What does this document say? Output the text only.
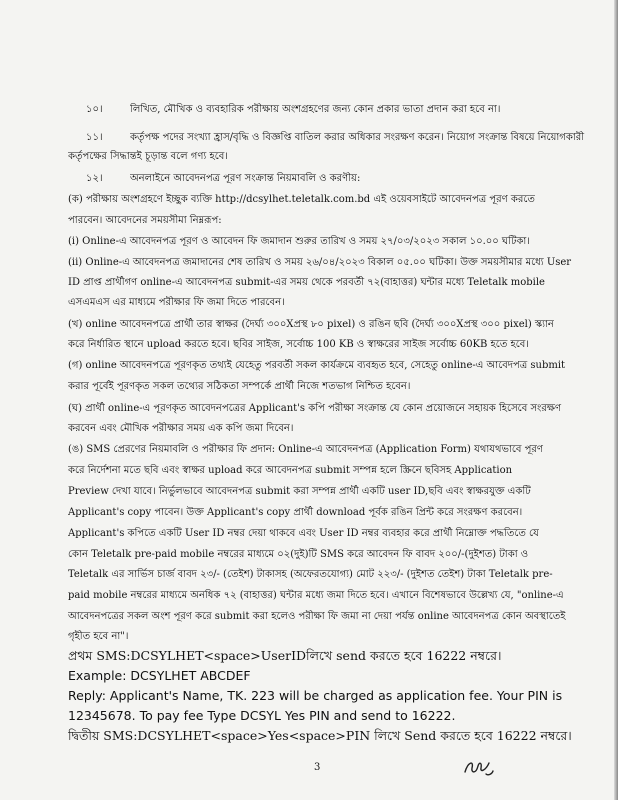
১০।	লিখিত, মৌখিক ও ব্যবহারিক পরীক্ষায় অংশগ্রহণের জন্য কোন প্রকার ভাতা প্রদান করা হবে না।
১১।	কর্তৃপক্ষ পদের সংখ্যা হ্রাস/বৃদ্ধি ও বিজ্ঞপ্তি বাতিল করার অধিকার সংরক্ষণ করেন। নিয়োগ সংক্রান্ত বিষয়ে নিয়োগকারী
কর্তৃপক্ষের সিদ্ধান্তই চূড়ান্ত বলে গণ্য হবে।
১২।	অনলাইনে আবেদনপত্র পূরণ সংক্রান্ত নিয়মাবলি ও করণীয়:
(ক) পরীক্ষায় অংশগ্রহণে ইচ্ছুক ব্যক্তি http://dcsylhet.teletalk.com.bd এই ওয়েবসাইটে আবেদনপত্র পূরণ করতে
পারবেন। আবেদনের সময়সীমা নিম্নরূপ:
(i) Online-এ আবেদনপত্র পূরণ ও আবেদন ফি জমাদান শুরুর তারিখ ও সময় ২৭/০৩/২০২৩ সকাল ১০.০০ ঘটিকা।
(ii) Online-এ আবেদনপত্র জমাদানের শেষ তারিখ ও সময় ২৬/০৪/২০২৩ বিকাল ০৫.০০ ঘটিকা। উক্ত সময়সীমার মধ্যে User
ID প্রাপ্ত প্রার্থীগণ online-এ আবেদনপত্র submit-এর সময় থেকে পরবর্তী ৭২(বাহাত্তর) ঘন্টার মধ্যে Teletalk mobile
এসএমএস এর মাধ্যমে পরীক্ষার ফি জমা দিতে পারবেন।
(খ) online আবেদনপত্রে প্রার্থী তার স্বাক্ষর (দৈর্ঘ্য ৩০০Xপ্রস্থ ৮০ pixel) ও রঙিন ছবি (দৈর্ঘ্য ৩০০Xপ্রস্থ ৩০০ pixel) স্ক্যান
করে নির্ধারিত স্থানে upload করতে হবে। ছবির সাইজ, সর্বোচ্চ 100 KB ও স্বাক্ষরের সাইজ সর্বোচ্চ 60KB হতে হবে।
(গ) online আবেদনপত্রে পূরণকৃত তথ্যই যেহেতু পরবর্তী সকল কার্যক্রমে ব্যবহৃত হবে, সেহেতু online-এ আবেদপত্র submit
করার পূর্বেই পূরণকৃত সকল তথ্যের সঠিকতা সম্পর্কে প্রার্থী নিজে শতভাগ নিশ্চিত হবেন।
(ঘ) প্রার্থী online-এ পূরণকৃত আবেদনপত্রের Applicant's কপি পরীক্ষা সংক্রান্ত যে কোন প্রয়োজনে সহায়ক হিসেবে সংরক্ষণ
করবেন এবং মৌখিক পরীক্ষার সময় এক কপি জমা দিবেন।
(ঙ) SMS প্রেরণের নিয়মাবলি ও পরীক্ষার ফি প্রদান: Online-এ আবেদনপত্র (Application Form) যথাযথভাবে পূরণ
করে নির্দেশনা মতে ছবি এবং স্বাক্ষর upload করে আবেদনপত্র submit সম্পন্ন হলে স্ক্রিনে ছবিসহ Application
Preview দেখা যাবে। নির্ভুলভাবে আবেদনপত্র submit করা সম্পন্ন প্রার্থী একটি user ID,ছবি এবং স্বাক্ষরযুক্ত একটি
Applicant's copy পাবেন। উক্ত Applicant's copy প্রার্থী download পূর্বক রঙিন প্রিন্ট করে সংরক্ষণ করবেন।
Applicant's কপিতে একটি User ID নম্বর দেয়া থাকবে এবং User ID নম্বর ব্যবহার করে প্রার্থী নিম্নোক্ত পদ্ধতিতে যে
কোন Teletalk pre-paid mobile নম্বরের মাধ্যমে ০২(দুই)টি SMS করে আবেদন ফি বাবদ ২০০/-(দুইশত) টাকা ও
Teletalk এর সার্ভিস চার্জ বাবদ ২৩/- (তেইশ) টাকাসহ (অফেরতযোগ্য) মোট ২২৩/- (দুইশত তেইশ) টাকা Teletalk pre-
paid mobile নম্বরের মাধ্যমে অনধিক ৭২ (বাহাত্তর) ঘন্টার মধ্যে জমা দিতে হবে। এখানে বিশেষভাবে উল্লেখ্য যে, "online-এ
আবেদনপত্রের সকল অংশ পূরণ করে submit করা হলেও পরীক্ষা ফি জমা না দেয়া পর্যন্ত online আবেদনপত্র কোন অবস্থাতেই
গৃহীত হবে না"।
প্রথম SMS:DCSYLHET<space>UserIDলিখে send করতে হবে 16222 নম্বরে।
Example: DCSYLHET ABCDEF
Reply: Applicant's Name, TK. 223 will be charged as application fee. Your PIN is
12345678. To pay fee Type DCSYL Yes PIN and send to 16222.
দ্বিতীয় SMS:DCSYLHET<space>Yes<space>PIN লিখে Send করতে হবে 16222 নম্বরে।
3
